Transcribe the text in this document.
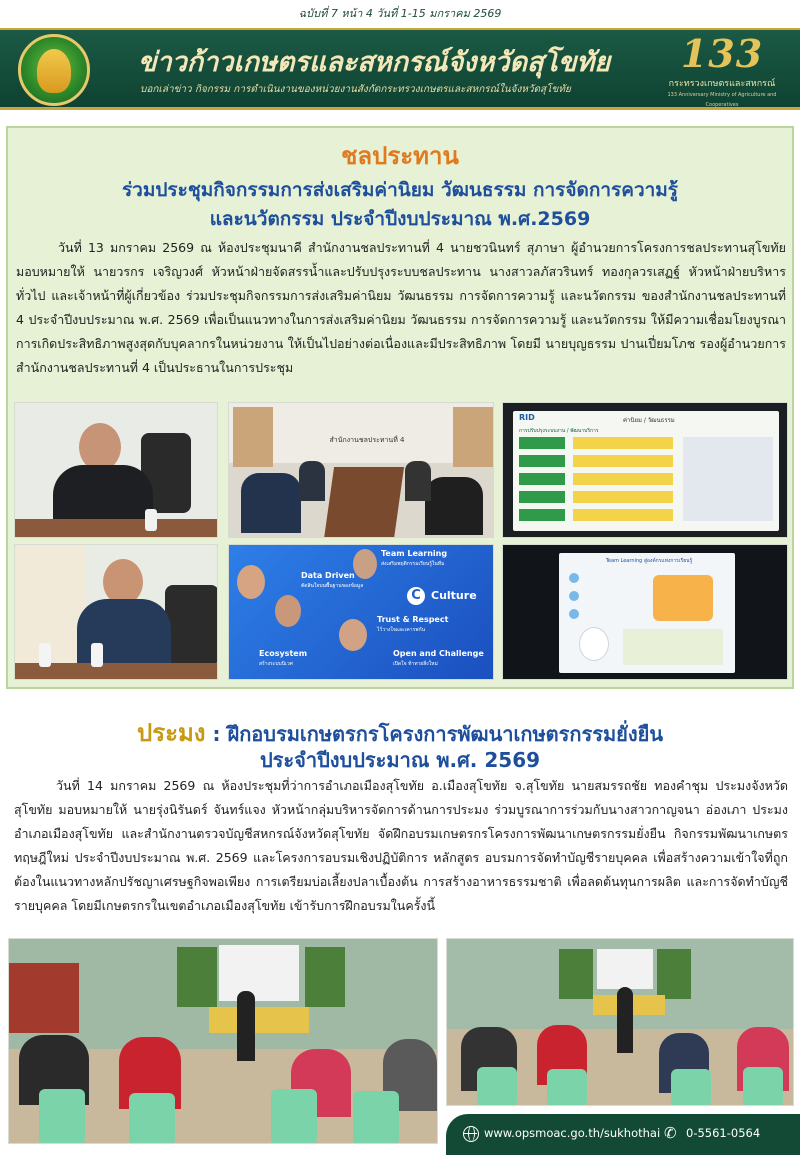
ฉบับที่ 7 หน้า 4 วันที่ 1-15 มกราคม 2569
ข่าวก้าวเกษตรและสหกรณ์จังหวัดสุโขทัย
บอกเล่าข่าว กิจกรรม การดำเนินงานของหน่วยงานสังกัดกระทรวงเกษตรและสหกรณ์ในจังหวัดสุโขทัย
133
กระทรวงเกษตรและสหกรณ์
133 Anniversary Ministry of Agriculture and Cooperatives
ชลประทาน
ร่วมประชุมกิจกรรมการส่งเสริมค่านิยม วัฒนธรรม การจัดการความรู้
และนวัตกรรม ประจำปีงบประมาณ พ.ศ.2569
วันที่ 13 มกราคม 2569 ณ ห้องประชุมนาคี สำนักงานชลประทานที่ 4 นายชวนินทร์ สุภาษา ผู้อำนวยการโครงการชลประทานสุโขทัย มอบหมายให้ นายวรกร เจริญวงศ์ หัวหน้าฝ่ายจัดสรรน้ำและปรับปรุงระบบชลประทาน นางสาวลภัสวรินทร์ ทองกุลวรเสฏฐ์ หัวหน้าฝ่ายบริหารทั่วไป และเจ้าหน้าที่ผู้เกี่ยวข้อง ร่วมประชุมกิจกรรมการส่งเสริมค่านิยม วัฒนธรรม การจัดการความรู้ และนวัตกรรม ของสำนักงานชลประทานที่ 4 ประจำปีงบประมาณ พ.ศ. 2569 เพื่อเป็นแนวทางในการส่งเสริมค่านิยม วัฒนธรรม การจัดการความรู้ และนวัตกรรม ให้มีความเชื่อมโยงบูรณาการเกิดประสิทธิภาพสูงสุดกับบุคลากรในหน่วยงาน ให้เป็นไปอย่างต่อเนื่องและมีประสิทธิภาพ โดยมี นายบุญธรรม ปานเปี่ยมโภช รองผู้อำนวยการสำนักงานชลประทานที่ 4 เป็นประธานในการประชุม
สำนักงานชลประทานที่ 4
RID	ค่านิยม / วัฒนธรรม
การปรับปรุงระบบงาน / พัฒนาบริการ
Team Learning
ส่งเสริมพฤติกรรมเรียนรู้ในทีม
Data Driven
ตัดสินใจบนพื้นฐานของข้อมูล
C Culture
Trust & Respect
ไว้วางใจและเคารพกัน
Ecosystem
สร้างระบบนิเวศ
Open and Challenge
เปิดใจ ท้าทายสิ่งใหม่
Team Learning สู่องค์กรแห่งการเรียนรู้
ประมง : ฝึกอบรมเกษตรกรโครงการพัฒนาเกษตรกรรมยั่งยืน
ประจำปีงบประมาณ พ.ศ. 2569
วันที่ 14 มกราคม 2569 ณ ห้องประชุมที่ว่าการอำเภอเมืองสุโขทัย อ.เมืองสุโขทัย จ.สุโขทัย นายสมรรถชัย ทองคำชุม ประมงจังหวัดสุโขทัย มอบหมายให้ นายรุ่งนิรันดร์ จันทร์แจง หัวหน้ากลุ่มบริหารจัดการด้านการประมง ร่วมบูรณาการร่วมกับนางสาวกาญจนา อ่องเภา ประมงอำเภอเมืองสุโขทัย และสำนักงานตรวจบัญชีสหกรณ์จังหวัดสุโขทัย จัดฝึกอบรมเกษตรกรโครงการพัฒนาเกษตรกรรมยั่งยืน กิจกรรมพัฒนาเกษตรทฤษฎีใหม่ ประจำปีงบประมาณ พ.ศ. 2569 และโครงการอบรมเชิงปฏิบัติการ หลักสูตร อบรมการจัดทำบัญชีรายบุคคล เพื่อสร้างความเข้าใจที่ถูกต้องในแนวทางหลักปรัชญาเศรษฐกิจพอเพียง การเตรียมบ่อเลี้ยงปลาเบื้องต้น การสร้างอาหารธรรมชาติ เพื่อลดต้นทุนการผลิต และการจัดทำบัญชีรายบุคคล โดยมีเกษตรกรในเขตอำเภอเมืองสุโขทัย เข้ารับการฝึกอบรมในครั้งนี้
www.opsmoac.go.th/sukhothai ✆ 0-5561-0564
